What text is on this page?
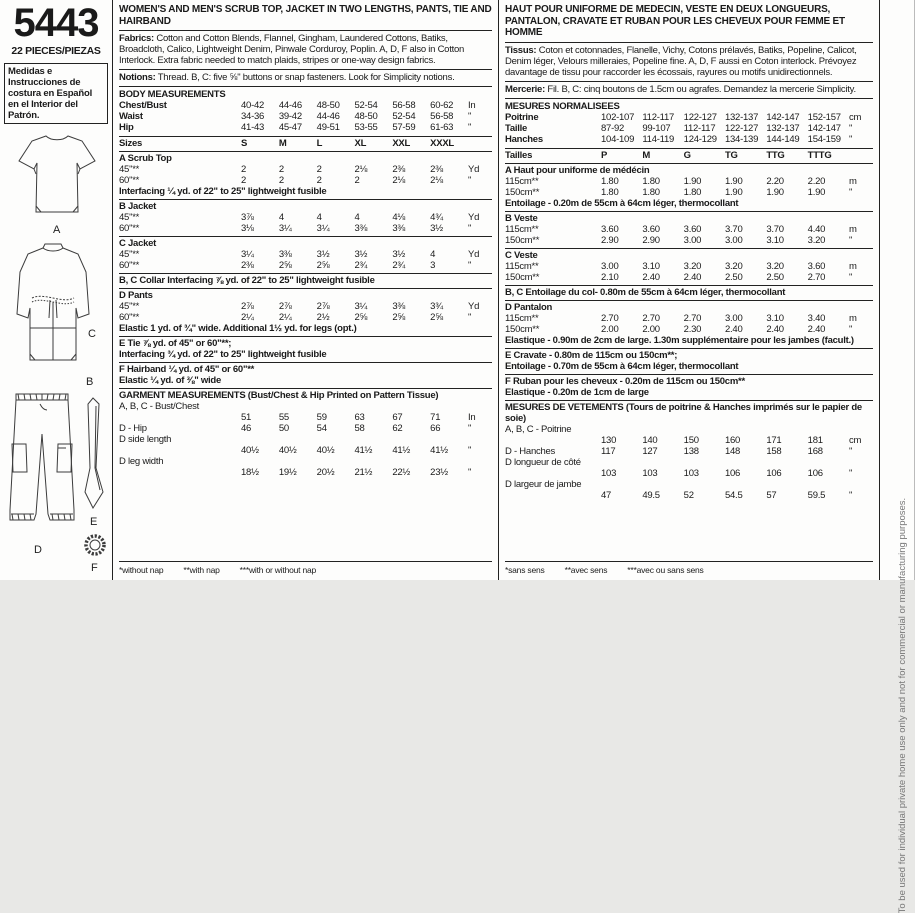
5443
22 PIECES/PIEZAS
Medidas e Instrucciones de costura en Español en el Interior del Patrón.
A
C
B
D
E
F
WOMEN'S AND MEN'S SCRUB TOP, JACKET IN TWO LENGTHS, PANTS, TIE AND HAIRBAND
Fabrics: Cotton and Cotton Blends, Flannel, Gingham, Laundered Cottons, Batiks, Broadcloth, Calico, Lightweight Denim, Pinwale Corduroy, Poplin. A, D, F also in Cotton Interlock. Extra fabric needed to match plaids, stripes or one-way design fabrics.
Notions: Thread. B, C: five ⅝" buttons or snap fasteners. Look for Simplicity notions.
BODY MEASUREMENTS
Chest/Bust	40-42	44-46	48-50	52-54	56-58	60-62	In
Waist	34-36	39-42	44-46	48-50	52-54	56-58	"
Hip	41-43	45-47	49-51	53-55	57-59	61-63	"
Sizes	S	M	L	XL	XXL	XXXL
A Scrub Top
45"**	2	2	2	2⅛	2⅜	2⅜	Yd
60"**	2	2	2	2	2⅛	2⅛	"
Interfacing ¼ yd. of 22" to 25" lightweight fusible
B Jacket
45"**	3⅞	4	4	4	4⅛	4¾	Yd
60"**	3⅛	3¼	3¼	3⅜	3⅜	3½	"
C Jacket
45"**	3¼	3⅜	3½	3½	3½	4	Yd
60"**	2⅜	2⅝	2⅝	2¾	2¾	3	"
B, C Collar Interfacing ⅞ yd. of 22" to 25" lightweight fusible
D Pants
45"**	2⅞	2⅞	2⅞	3¼	3⅜	3¾	Yd
60"**	2¼	2¼	2½	2⅝	2⅝	2⅝	"
Elastic 1 yd. of ¾" wide. Additional 1½ yd. for legs (opt.)
E Tie ⅞ yd. of 45" or 60"**;
Interfacing ¾ yd. of 22" to 25" lightweight fusible
F Hairband ¼ yd. of 45" or 60"**
Elastic ¼ yd. of ⅜" wide
GARMENT MEASUREMENTS (Bust/Chest & Hip Printed on Pattern Tissue)
A, B, C - Bust/Chest
51	55	59	63	67	71	In
D - Hip	46	50	54	58	62	66	"
D side length
40½	40½	40½	41½	41½	41½	"
D leg width
18½	19½	20½	21½	22½	23½	"
*without nap **with nap ***with or without nap
HAUT POUR UNIFORME DE MEDECIN, VESTE EN DEUX LONGUEURS, PANTALON, CRAVATE ET RUBAN POUR LES CHEVEUX POUR FEMME ET HOMME
Tissus: Coton et cotonnades, Flanelle, Vichy, Cotons prélavés, Batiks, Popeline, Calicot, Denim léger, Velours milleraies, Popeline fine. A, D, F aussi en Coton interlock. Prévoyez davantage de tissu pour raccorder les écossais, rayures ou motifs unidirectionnels.
Mercerie: Fil. B, C: cinq boutons de 1.5cm ou agrafes. Demandez la mercerie Simplicity.
MESURES NORMALISEES
Poitrine	102-107 112-117	122-127 132-137 142-147 152-157 cm
Taille	87-92	99-107	112-117	122-127 132-137 142-147 "
Hanches	104-109 114-119	124-129 134-139 144-149 154-159 "
Tailles	P	M	G	TG	TTG	TTTG
A Haut pour uniforme de médécin
115cm**	1.80	1.80	1.90	1.90	2.20	2.20	m
150cm**	1.80	1.80	1.80	1.90	1.90	1.90	"
Entoilage - 0.20m de 55cm à 64cm léger, thermocollant
B Veste
115cm**	3.60	3.60	3.60	3.70	3.70	4.40	m
150cm**	2.90	2.90	3.00	3.00	3.10	3.20	"
C Veste
115cm**	3.00	3.10	3.20	3.20	3.20	3.60	m
150cm**	2.10	2.40	2.40	2.50	2.50	2.70	"
B, C Entoilage du col- 0.80m de 55cm à 64cm léger, thermocollant
D Pantalon
115cm**	2.70	2.70	2.70	3.00	3.10	3.40	m
150cm**	2.00	2.00	2.30	2.40	2.40	2.40	"
Elastique - 0.90m de 2cm de large. 1.30m supplémentaire pour les jambes (facult.)
E Cravate - 0.80m de 115cm ou 150cm**;
Entoilage - 0.70m de 55cm à 64cm léger, thermocollant
F Ruban pour les cheveux - 0.20m de 115cm ou 150cm**
Elastique - 0.20m de 1cm de large
MESURES DE VETEMENTS (Tours de poitrine & Hanches imprimés sur le papier de soie)
A, B, C - Poitrine
130	140	150	160	171	181	cm
D - Hanches	117	127	138	148	158	168	"
D longueur de côté
103	103	103	106	106	106	"
D largeur de jambe
47	49.5	52	54.5	57	59.5	"
*sans sens **avec sens ***avec ou sans sens	To be used for individual private home use only and not for commercial or manufacturing purposes.
